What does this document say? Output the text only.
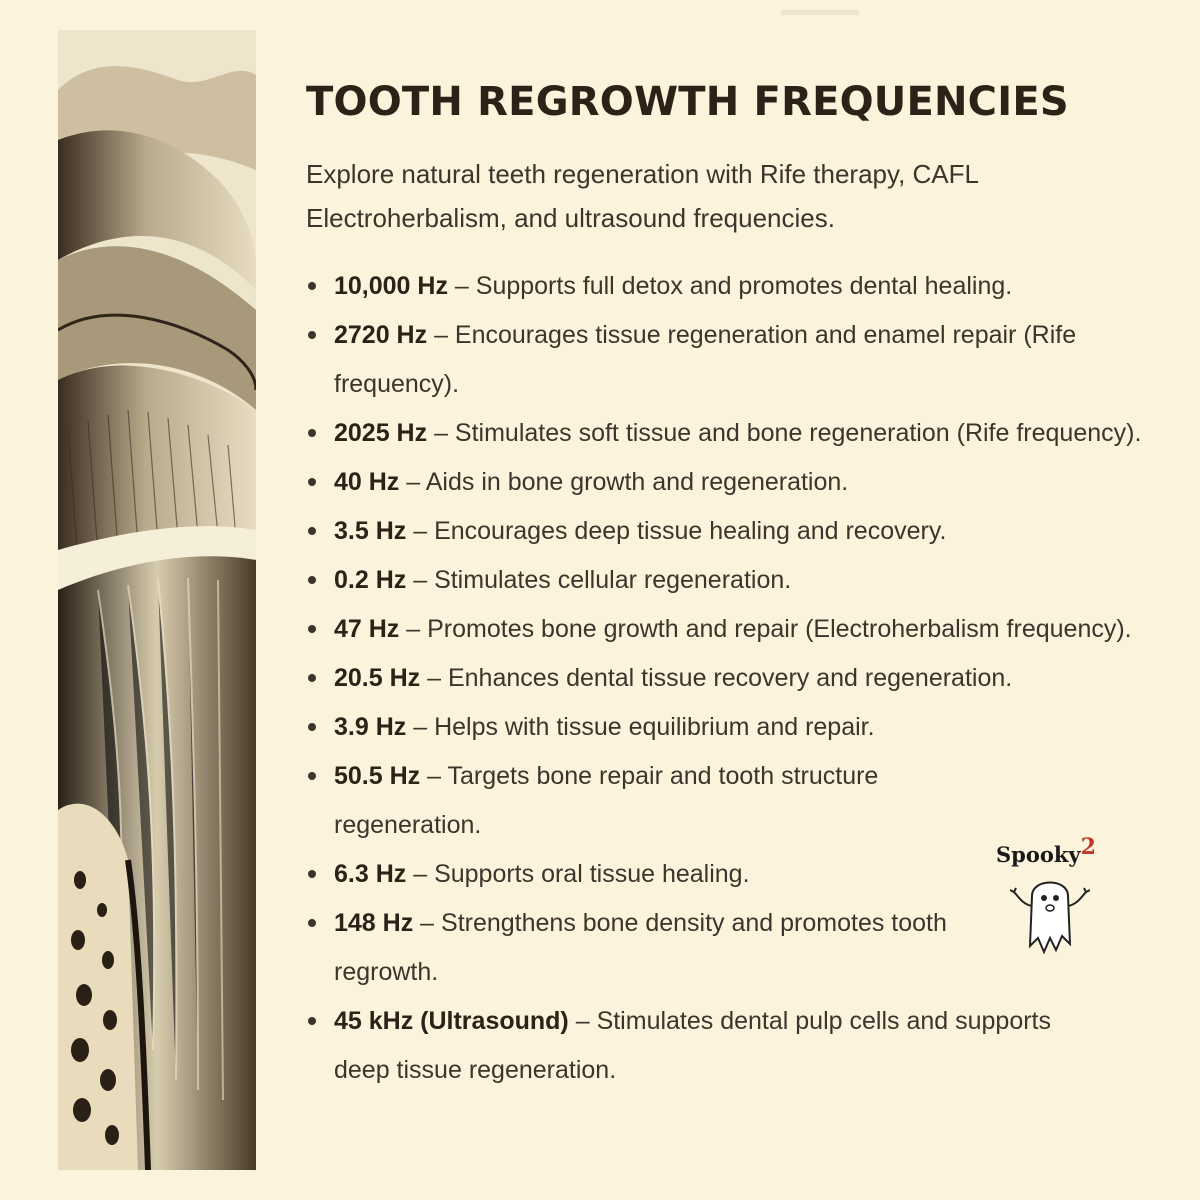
TOOTH REGROWTH FREQUENCIES

Explore natural teeth regeneration with Rife therapy, CAFL Electroherbalism, and ultrasound frequencies.

10,000 Hz – Supports full detox and promotes dental healing.
2720 Hz – Encourages tissue regeneration and enamel repair (Rife frequency).
2025 Hz – Stimulates soft tissue and bone regeneration (Rife frequency).
40 Hz – Aids in bone growth and regeneration.
3.5 Hz – Encourages deep tissue healing and recovery.
0.2 Hz – Stimulates cellular regeneration.
47 Hz – Promotes bone growth and repair (Electroherbalism frequency).
20.5 Hz – Enhances dental tissue recovery and regeneration.
3.9 Hz – Helps with tissue equilibrium and repair.
50.5 Hz – Targets bone repair and tooth structure regeneration.
6.3 Hz – Supports oral tissue healing.
148 Hz – Strengthens bone density and promotes tooth regrowth.
45 kHz (Ultrasound) – Stimulates dental pulp cells and supports deep tissue regeneration.
Spooky$^2$
